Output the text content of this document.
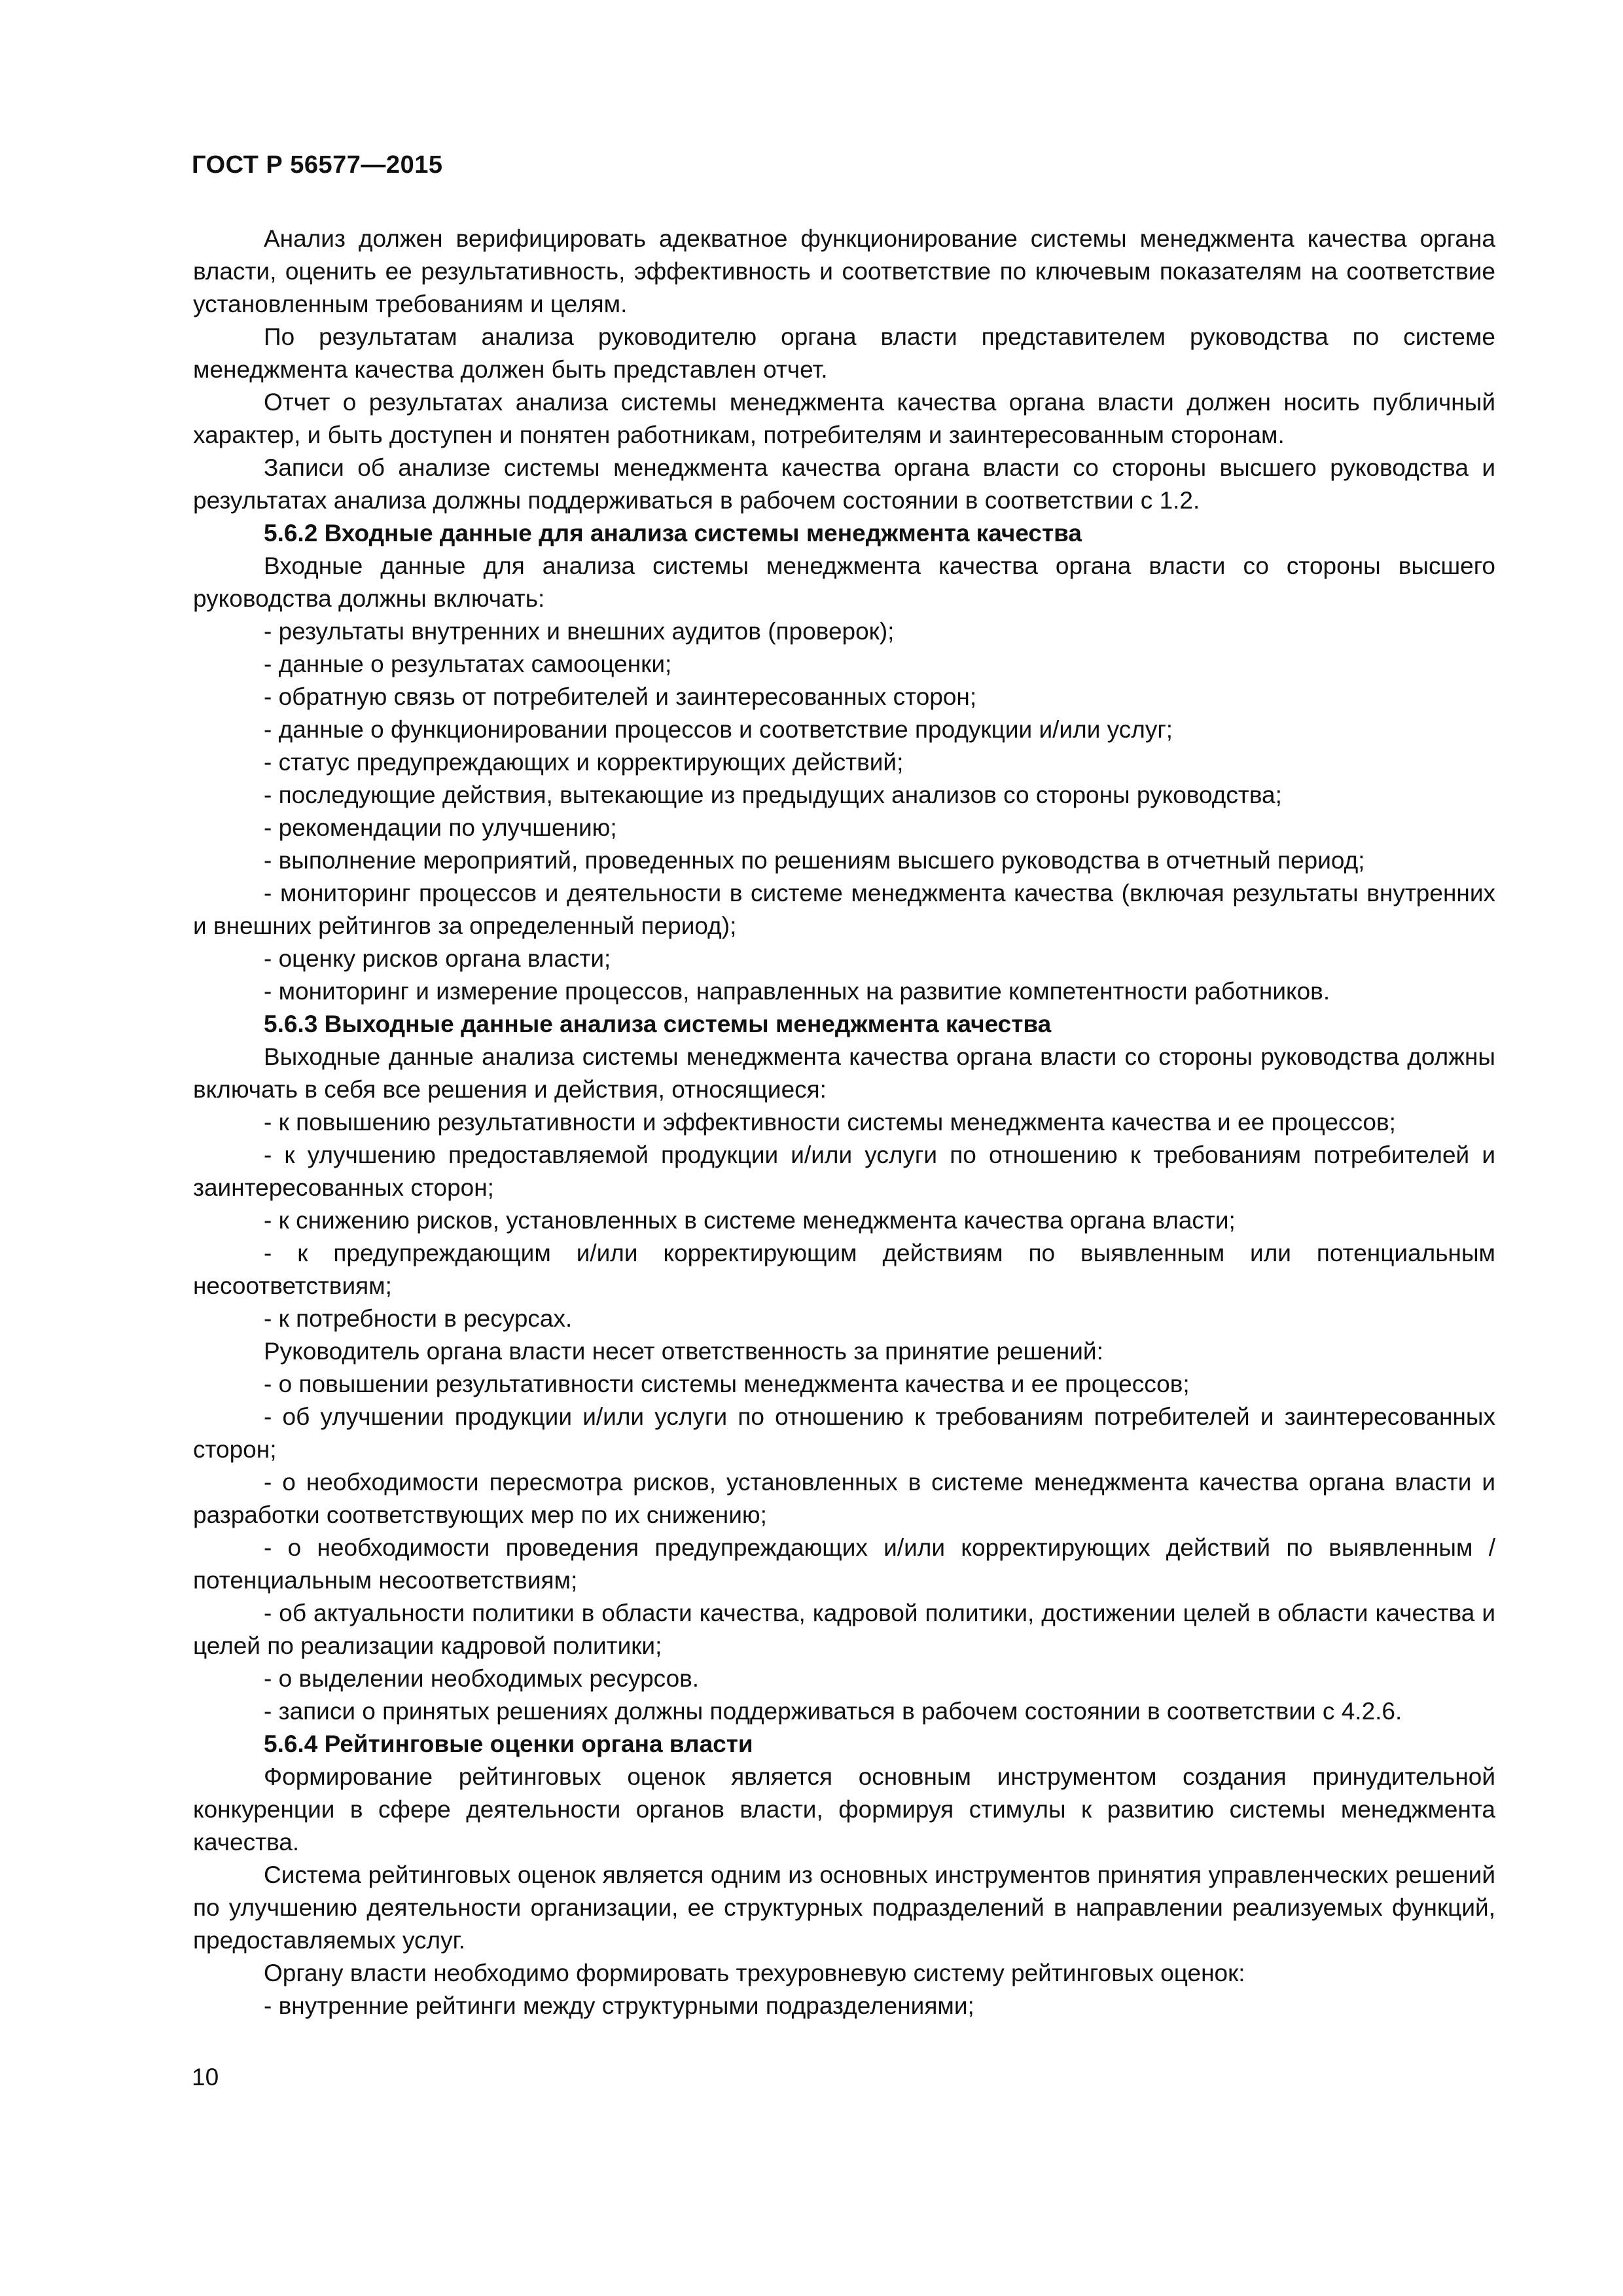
ГОСТ Р 56577—2015

Анализ должен верифицировать адекватное функционирование системы менеджмента качества органа власти, оценить ее результативность, эффективность и соответствие по ключевым показателям на соответствие установленным требованиям и целям.

По результатам анализа руководителю органа власти представителем руководства по системе менеджмента качества должен быть представлен отчет.

Отчет о результатах анализа системы менеджмента качества органа власти должен носить публичный характер, и быть доступен и понятен работникам, потребителям и заинтересованным сторонам.

Записи об анализе системы менеджмента качества органа власти со стороны высшего руководства и результатах анализа должны поддерживаться в рабочем состоянии в соответствии с 1.2.

5.6.2 Входные данные для анализа системы менеджмента качества

Входные данные для анализа системы менеджмента качества органа власти со стороны высшего руководства должны включать:

- результаты внутренних и внешних аудитов (проверок);

- данные о результатах самооценки;

- обратную связь от потребителей и заинтересованных сторон;

- данные о функционировании процессов и соответствие продукции и/или услуг;

- статус предупреждающих и корректирующих действий;

- последующие действия, вытекающие из предыдущих анализов со стороны руководства;

- рекомендации по улучшению;

- выполнение мероприятий, проведенных по решениям высшего руководства в отчетный период;

- мониторинг процессов и деятельности в системе менеджмента качества (включая результаты внутренних и внешних рейтингов за определенный период);

- оценку рисков органа власти;

- мониторинг и измерение процессов, направленных на развитие компетентности работников.

5.6.3 Выходные данные анализа системы менеджмента качества

Выходные данные анализа системы менеджмента качества органа власти со стороны руководства должны включать в себя все решения и действия, относящиеся:

- к повышению результативности и эффективности системы менеджмента качества и ее процессов;

- к улучшению предоставляемой продукции и/или услуги по отношению к требованиям потребителей и заинтересованных сторон;

- к снижению рисков, установленных в системе менеджмента качества органа власти;

- к предупреждающим и/или корректирующим действиям по выявленным или потенциальным несоответствиям;

- к потребности в ресурсах.

Руководитель органа власти несет ответственность за принятие решений:

- о повышении результативности системы менеджмента качества и ее процессов;

- об улучшении продукции и/или услуги по отношению к требованиям потребителей и заинтересованных сторон;

- о необходимости пересмотра рисков, установленных в системе менеджмента качества органа власти и разработки соответствующих мер по их снижению;

- о необходимости проведения предупреждающих и/или корректирующих действий по выявленным / потенциальным несоответствиям;

- об актуальности политики в области качества, кадровой политики, достижении целей в области качества и целей по реализации кадровой политики;

- о выделении необходимых ресурсов.

- записи о принятых решениях должны поддерживаться в рабочем состоянии в соответствии с 4.2.6.

5.6.4 Рейтинговые оценки органа власти

Формирование рейтинговых оценок является основным инструментом создания принудительной конкуренции в сфере деятельности органов власти, формируя стимулы к развитию системы менеджмента качества.

Система рейтинговых оценок является одним из основных инструментов принятия управленческих решений по улучшению деятельности организации, ее структурных подразделений в направлении реализуемых функций, предоставляемых услуг.

Органу власти необходимо формировать трехуровневую систему рейтинговых оценок:

- внутренние рейтинги между структурными подразделениями;

10
